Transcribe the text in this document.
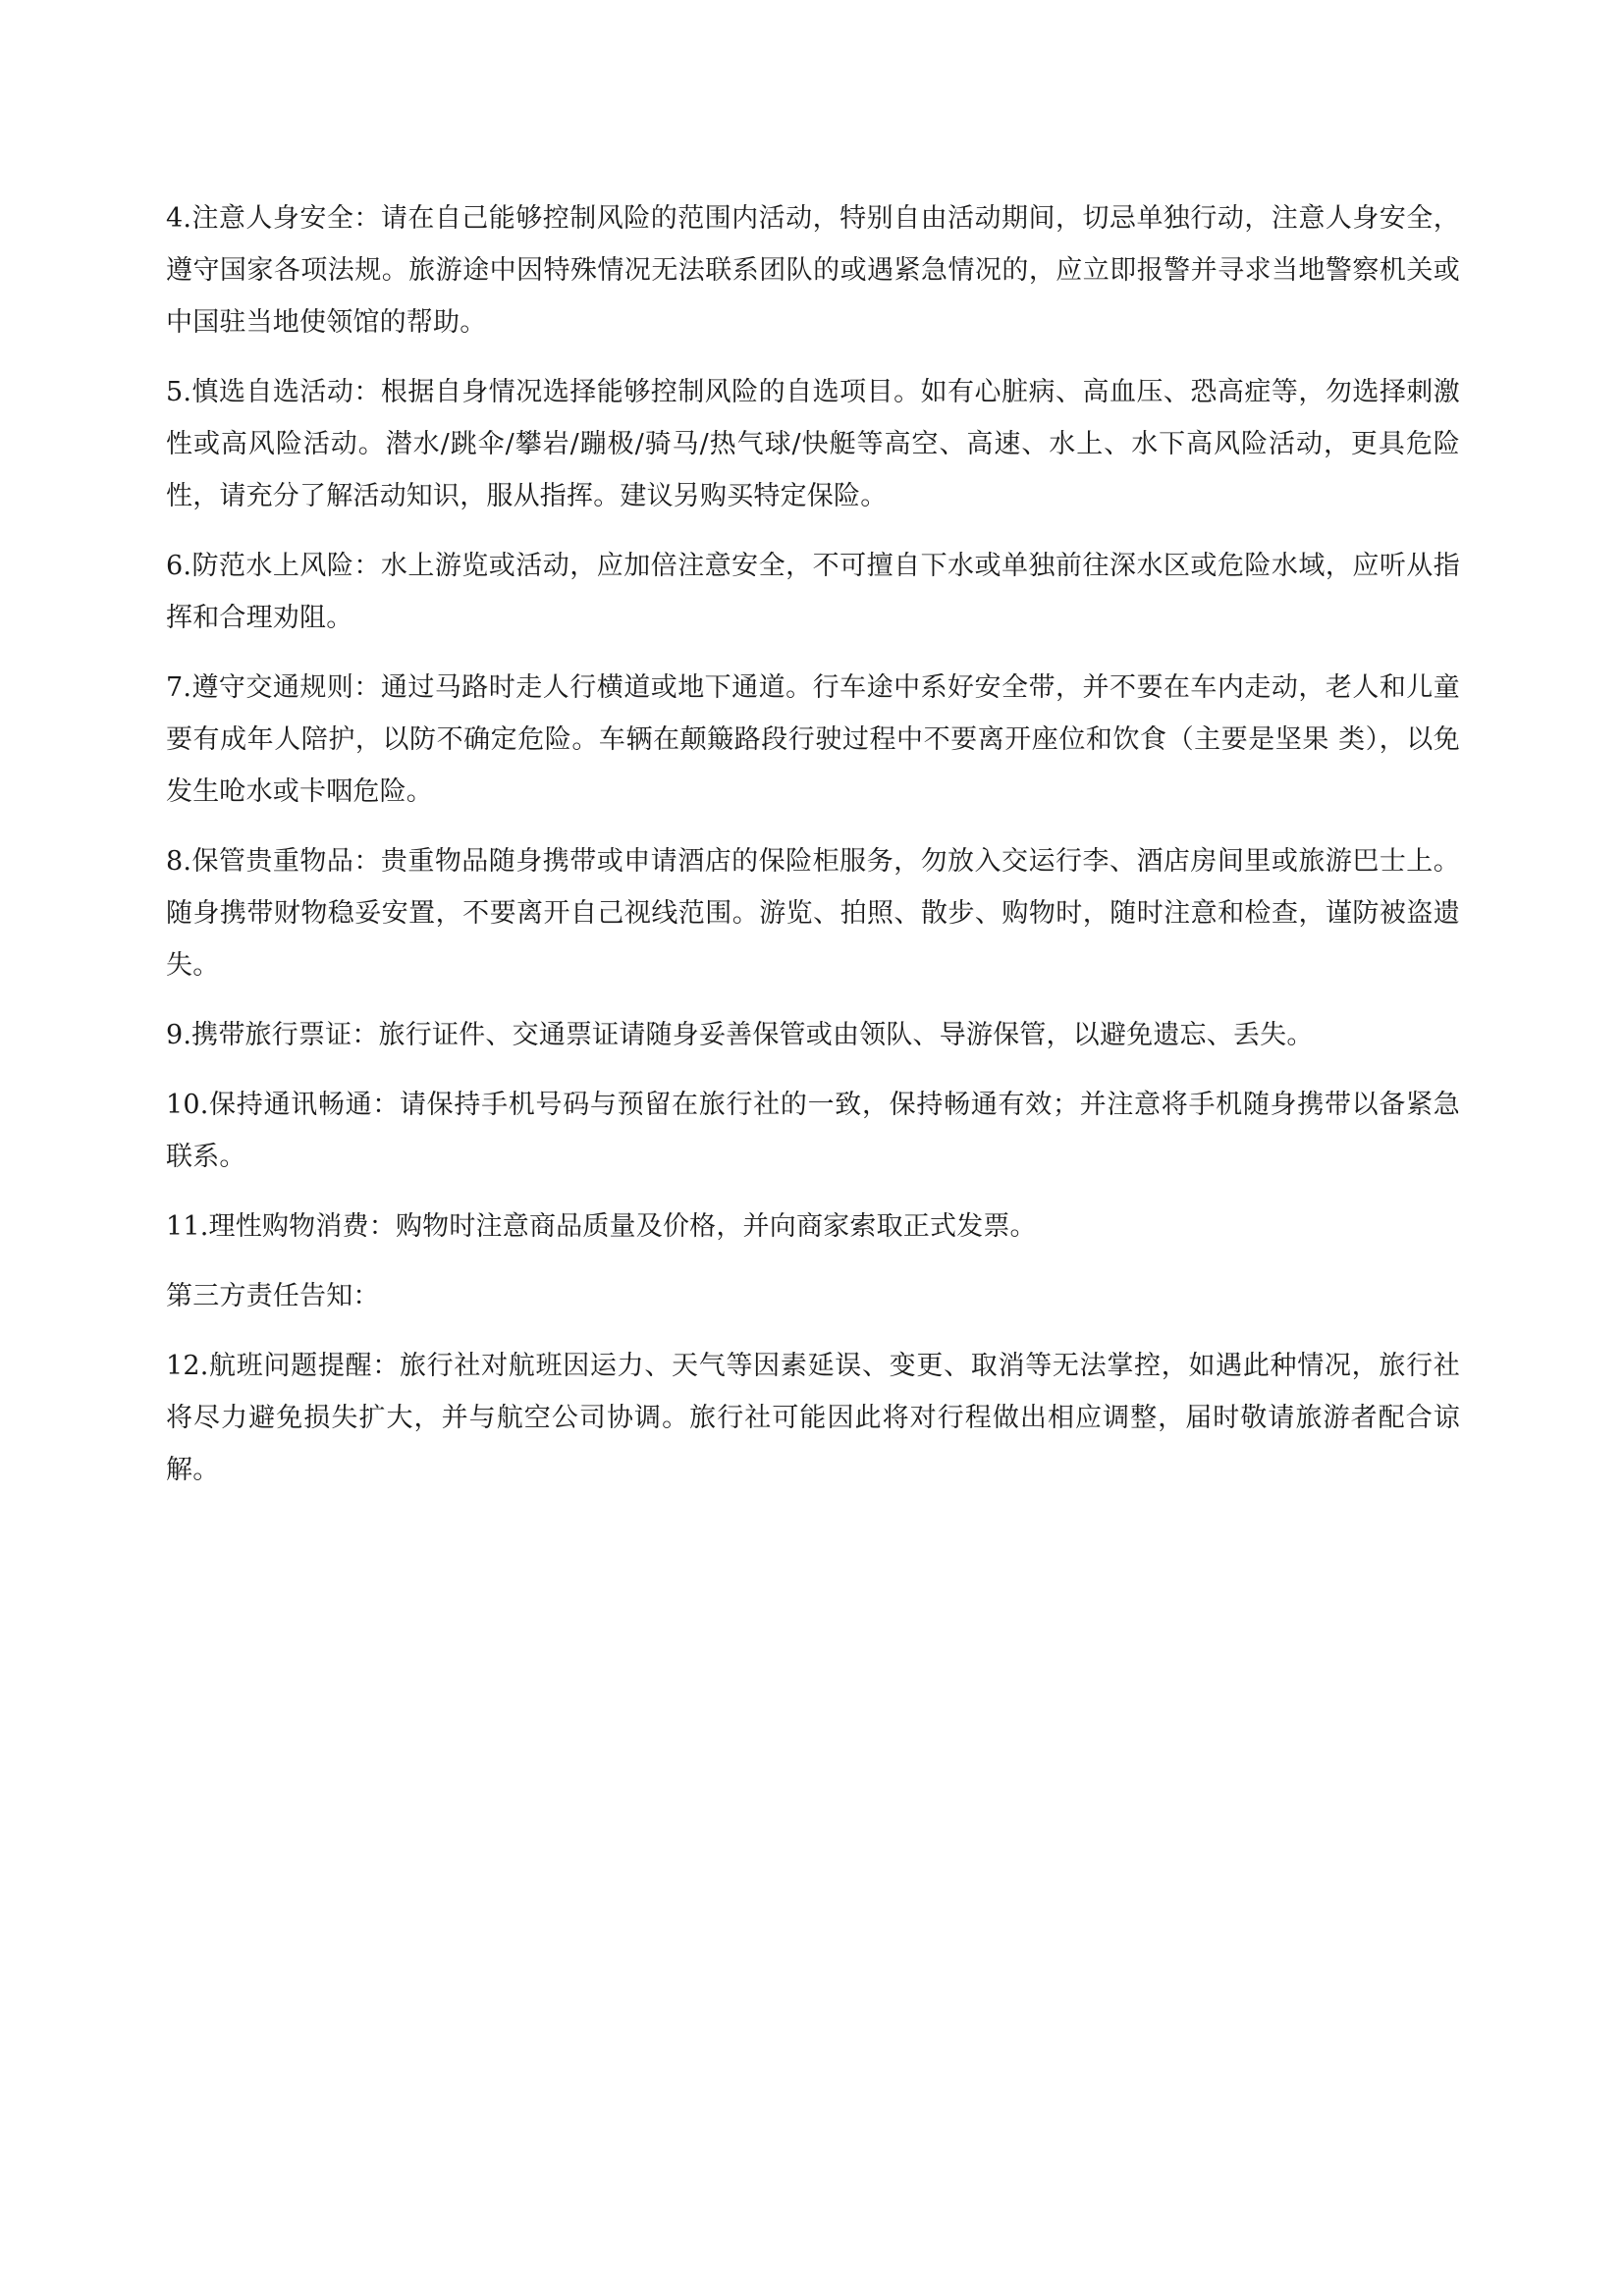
4.注意人身安全：请在自己能够控制风险的范围内活动，特别自由活动期间，切忌单独行动，注意人身安全，遵守国家各项法规。旅游途中因特殊情况无法联系团队的或遇紧急情况的，应立即报警并寻求当地警察机关或中国驻当地使领馆的帮助。

5.慎选自选活动：根据自身情况选择能够控制风险的自选项目。如有心脏病、高血压、恐高症等，勿选择刺激性或高风险活动。潜水/跳伞/攀岩/蹦极/骑马/热气球/快艇等高空、高速、水上、水下高风险活动，更具危险性，请充分了解活动知识，服从指挥。建议另购买特定保险。

6.防范水上风险：水上游览或活动，应加倍注意安全，不可擅自下水或单独前往深水区或危险水域，应听从指挥和合理劝阻。

7.遵守交通规则：通过马路时走人行横道或地下通道。行车途中系好安全带，并不要在车内走动，老人和儿童要有成年人陪护，以防不确定危险。车辆在颠簸路段行驶过程中不要离开座位和饮食（主要是坚果 类），以免发生呛水或卡咽危险。

8.保管贵重物品：贵重物品随身携带或申请酒店的保险柜服务，勿放入交运行李、酒店房间里或旅游巴士上。随身携带财物稳妥安置，不要离开自己视线范围。游览、拍照、散步、购物时，随时注意和检查，谨防被盗遗失。

9.携带旅行票证：旅行证件、交通票证请随身妥善保管或由领队、导游保管，以避免遗忘、丢失。

10.保持通讯畅通：请保持手机号码与预留在旅行社的一致，保持畅通有效；并注意将手机随身携带以备紧急联系。

11.理性购物消费：购物时注意商品质量及价格，并向商家索取正式发票。

第三方责任告知：

12.航班问题提醒：旅行社对航班因运力、天气等因素延误、变更、取消等无法掌控，如遇此种情况，旅行社将尽力避免损失扩大，并与航空公司协调。旅行社可能因此将对行程做出相应调整，届时敬请旅游者配合谅解。
